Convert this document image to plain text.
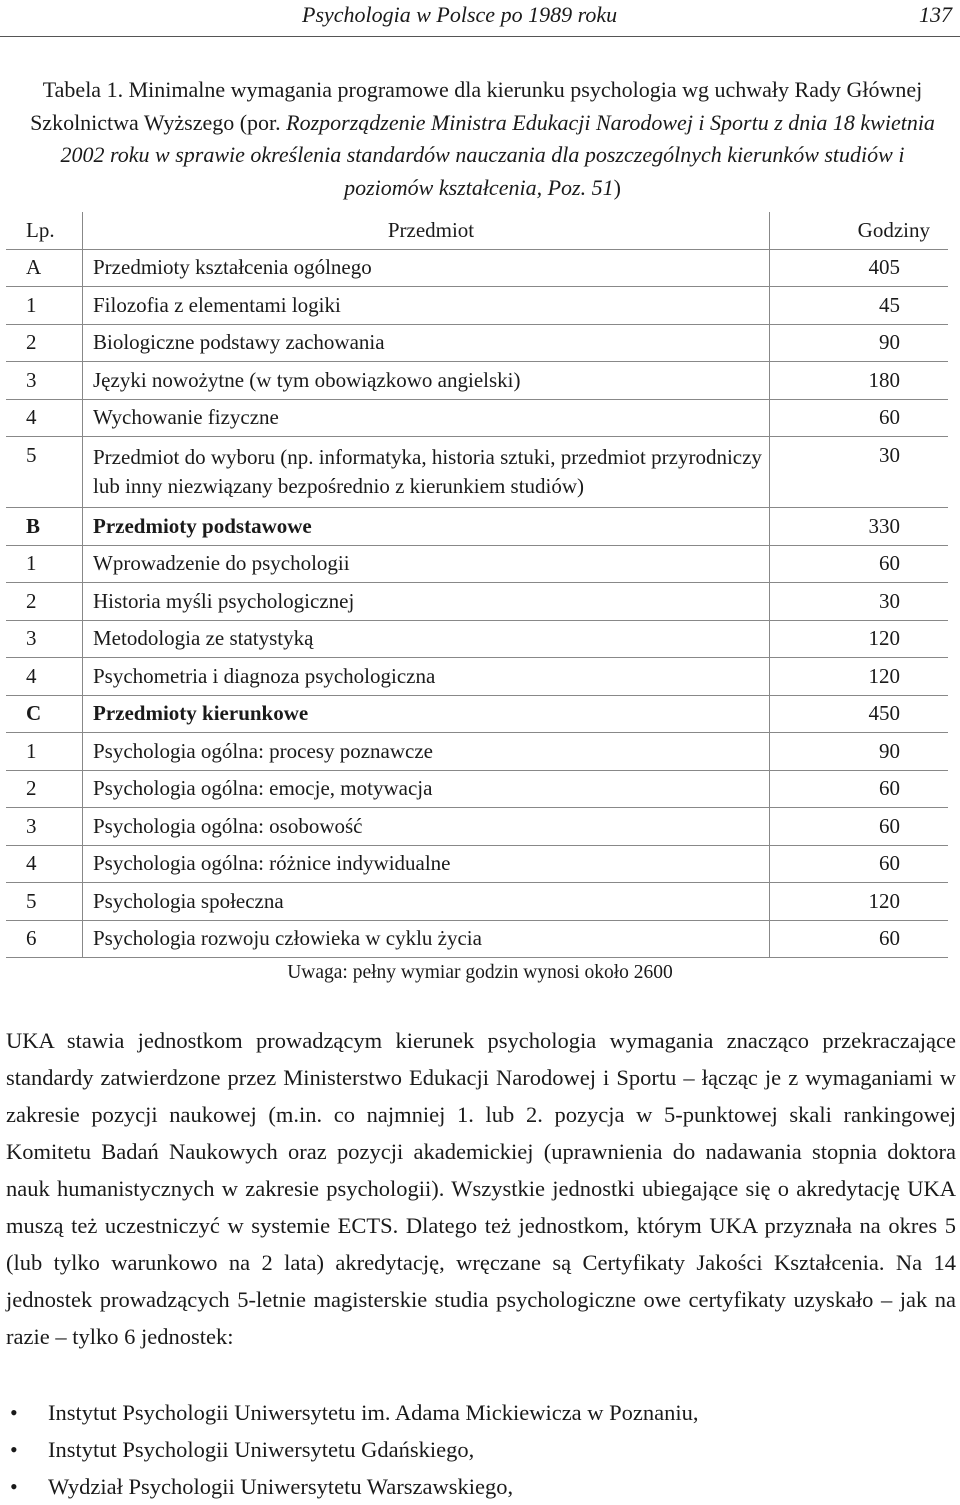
Psychologia w Polsce po 1989 roku	137
Tabela 1. Minimalne wymagania programowe dla kierunku psychologia wg uchwały Rady Głównej Szkolnictwa Wyższego (por. Rozporządzenie Ministra Edukacji Narodowej i Sportu z dnia 18 kwietnia 2002 roku w sprawie określenia standardów nauczania dla poszczególnych kierunków studiów i poziomów kształcenia, Poz. 51)
Lp.	Przedmiot	Godziny
A	Przedmioty kształcenia ogólnego	405
1	Filozofia z elementami logiki	45
2	Biologiczne podstawy zachowania	90
3	Języki nowożytne (w tym obowiązkowo angielski)	180
4	Wychowanie fizyczne	60
5	Przedmiot do wyboru (np. informatyka, historia sztuki, przedmiot przyrodniczy lub inny niezwiązany bezpośrednio z kierunkiem studiów)	30
B	Przedmioty podstawowe	330
1	Wprowadzenie do psychologii	60
2	Historia myśli psychologicznej	30
3	Metodologia ze statystyką	120
4	Psychometria i diagnoza psychologiczna	120
C	Przedmioty kierunkowe	450
1	Psychologia ogólna: procesy poznawcze	90
2	Psychologia ogólna: emocje, motywacja	60
3	Psychologia ogólna: osobowość	60
4	Psychologia ogólna: różnice indywidualne	60
5	Psychologia społeczna	120
6	Psychologia rozwoju człowieka w cyklu życia	60
Uwaga: pełny wymiar godzin wynosi około 2600
UKA stawia jednostkom prowadzącym kierunek psychologia wymagania znacząco przekraczające standardy zatwierdzone przez Ministerstwo Edukacji Narodowej i Sportu – łącząc je z wymaganiami w zakresie pozycji naukowej (m.in. co najmniej 1. lub 2. pozycja w 5-punktowej skali rankingowej Komitetu Badań Naukowych oraz pozycji akademickiej (uprawnienia do nadawania stopnia doktora nauk humanistycznych w zakresie psychologii). Wszystkie jednostki ubiegające się o akredytację UKA muszą też uczestniczyć w systemie ECTS. Dlatego też jednostkom, którym UKA przyznała na okres 5 (lub tylko warunkowo na 2 lata) akredytację, wręczane są Certyfikaty Jakości Kształcenia. Na 14 jednostek prowadzących 5-letnie magisterskie studia psychologiczne owe certyfikaty uzyskało – jak na razie – tylko 6 jednostek:
• Instytut Psychologii Uniwersytetu im. Adama Mickiewicza w Poznaniu,
• Instytut Psychologii Uniwersytetu Gdańskiego,
• Wydział Psychologii Uniwersytetu Warszawskiego,
